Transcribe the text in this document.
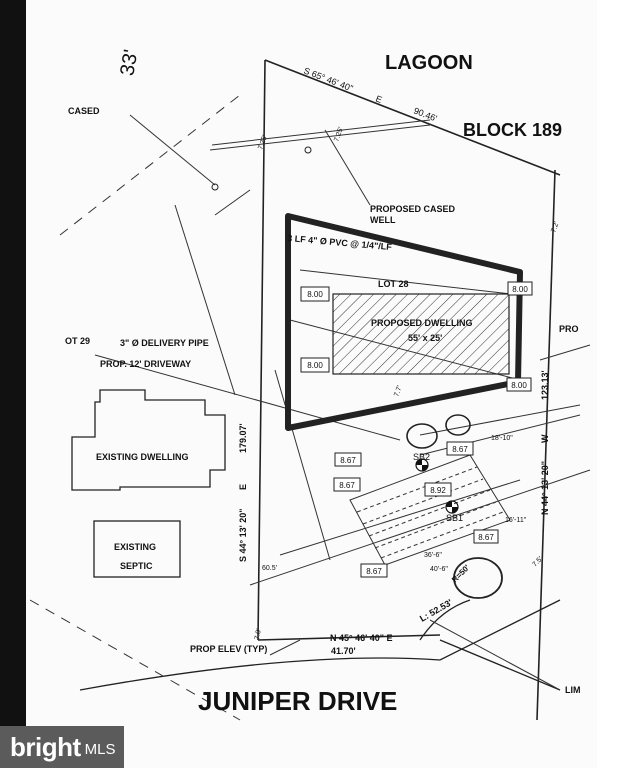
33'	LAGOON
BLOCK 189
CASED
S 65° 46' 40"
E
90.46'
PROPOSED CASED
WELL
3 LF 4" Ø PVC @ 1/4"/LF
LOT 28
PROPOSED DWELLING
55' x 25'
OT 29	3" Ø DELIVERY PIPE
PROP. 12' DRIVEWAY
EXISTING DWELLING
EXISTING
SEPTIC
S 44° 13' 20"
E
179.07'
N 44° 13' 20"
W
123.13'
N 45° 46' 40" E
41.70'
PROP ELEV (TYP)
JUNIPER DRIVE
L: 52.53'
R=50'
PRO
LIM
SB1
SB2
7.25'	7.25'
7.2'
7.5'
7.0'
7.7'
60.5'
18'-10"
16'-11"
36'-6"
40'-6"
8.00
8.00
8.00
8.00
8.67
8.92
8.67
8.67
8.67
8.67
bright MLS
